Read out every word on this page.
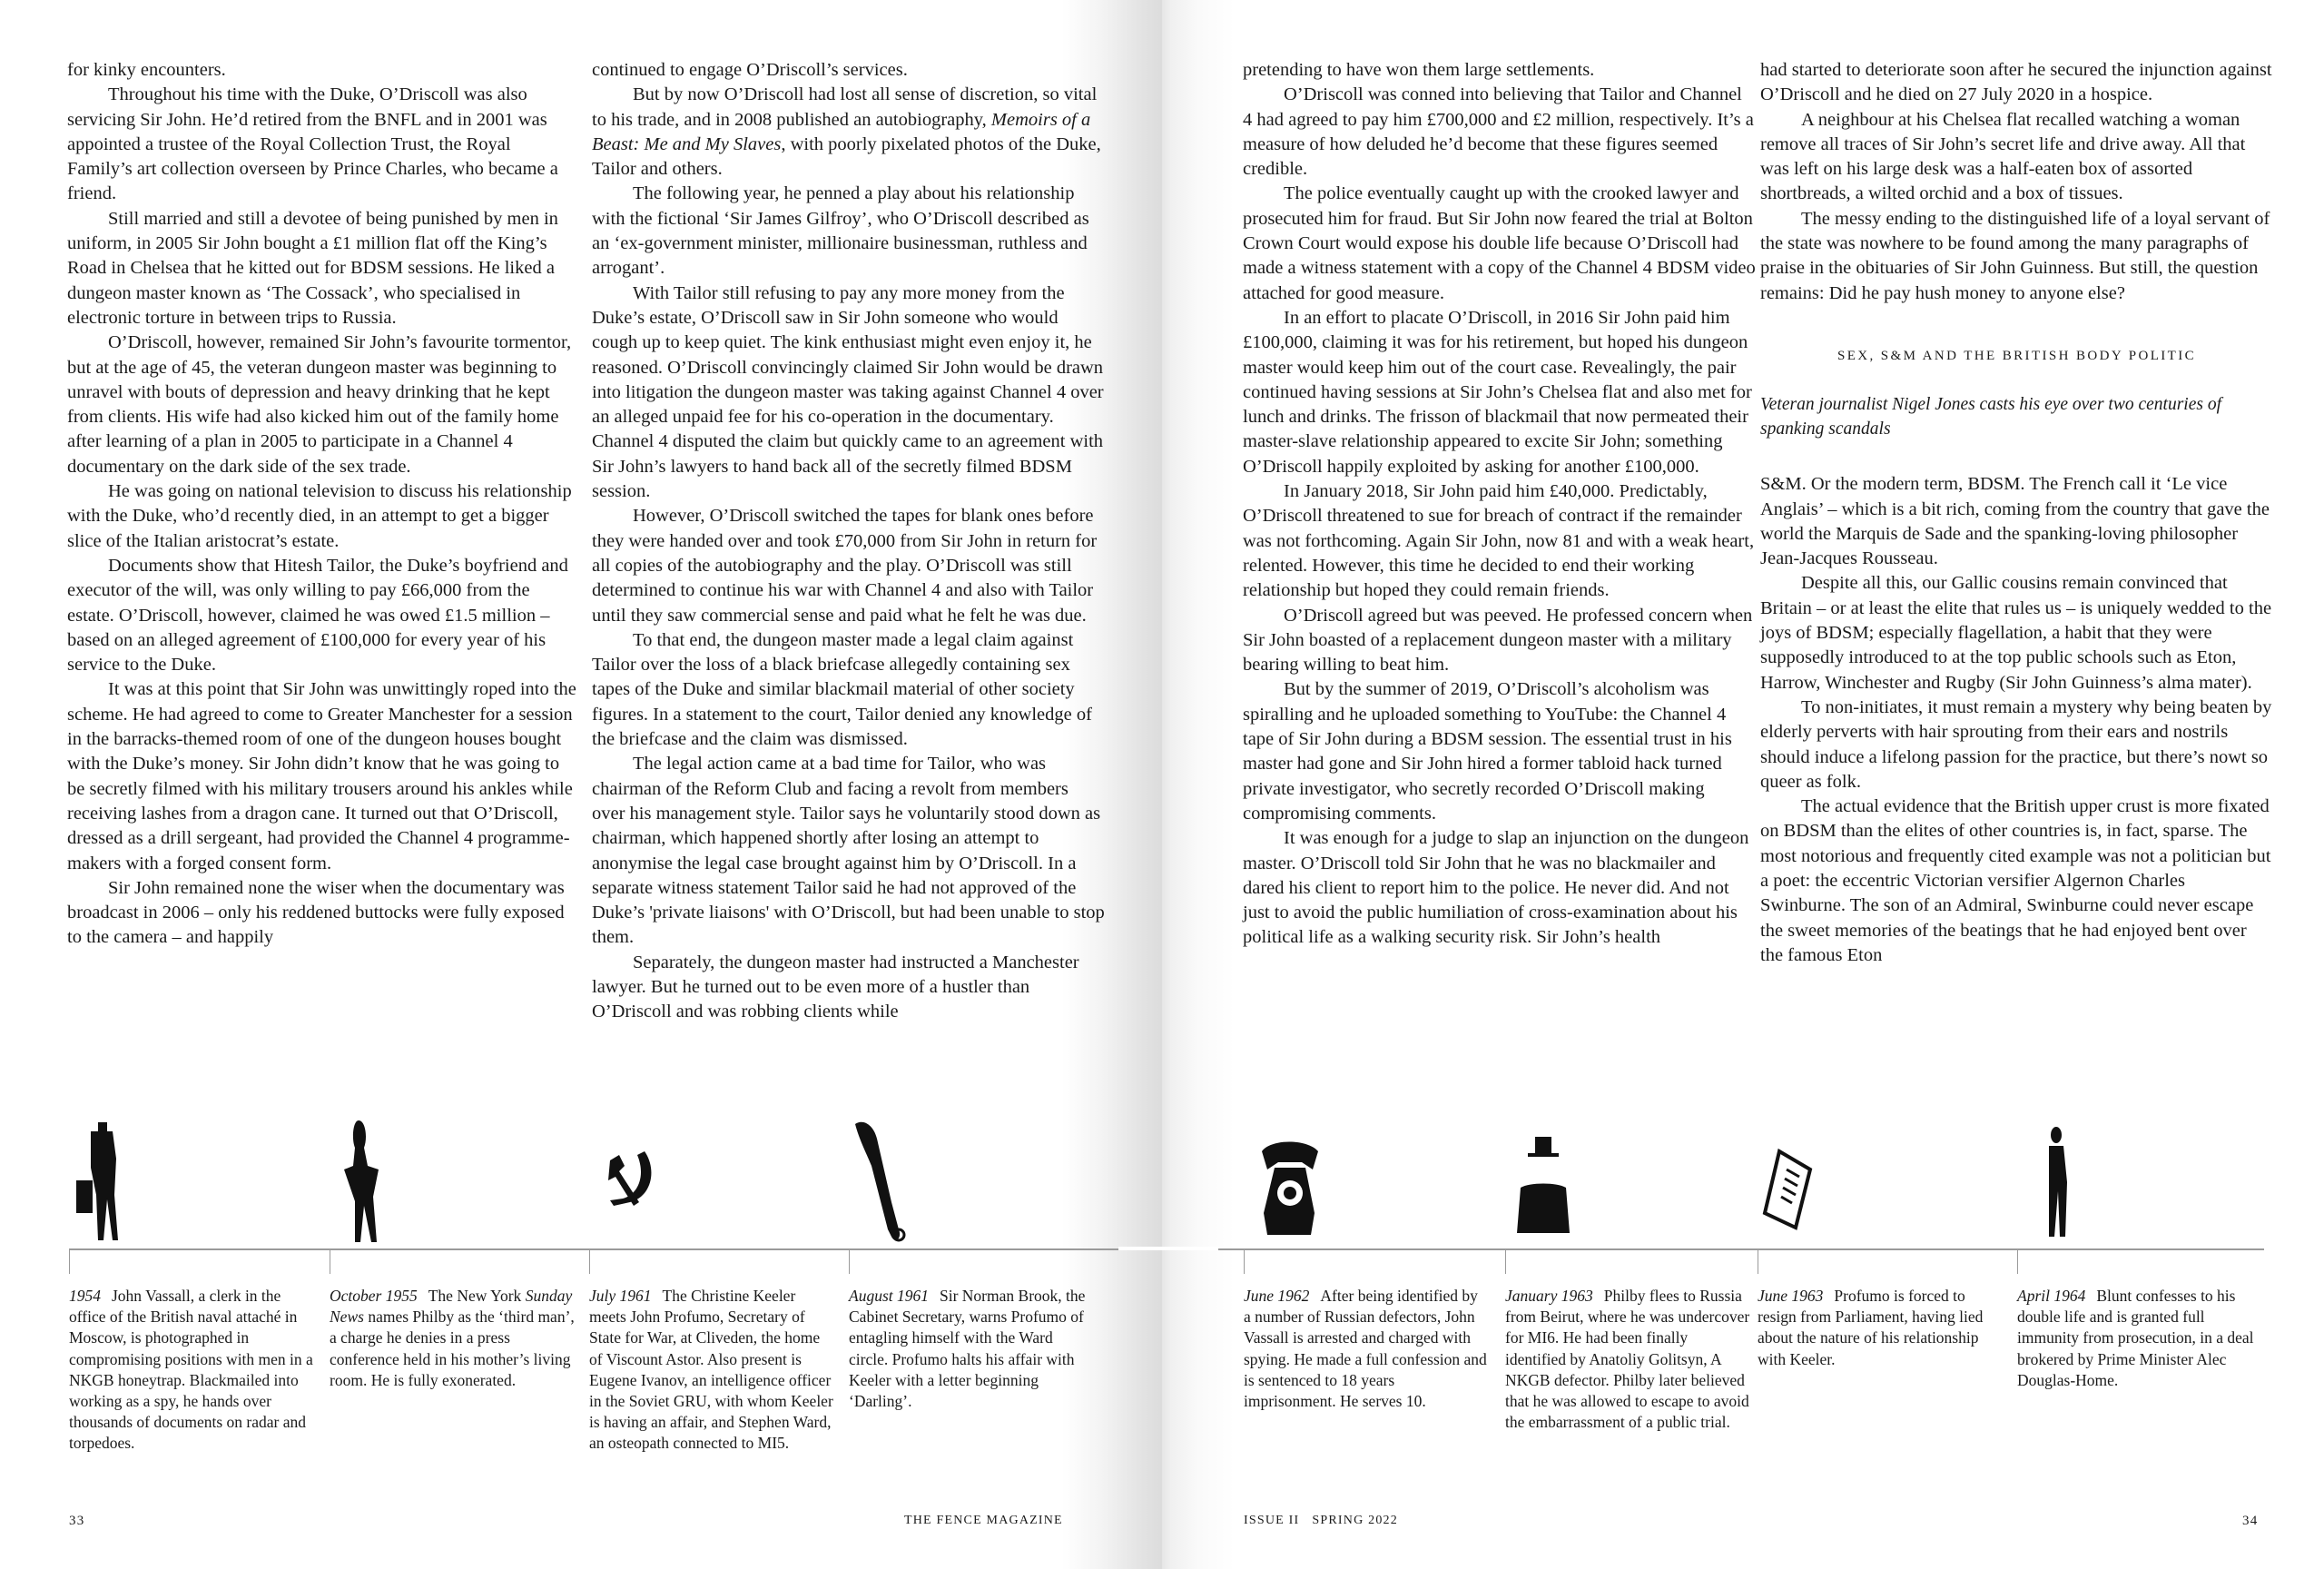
for kinky encounters.

Throughout his time with the Duke, O’Driscoll was also servicing Sir John. He’d retired from the BNFL and in 2001 was appointed a trustee of the Royal Collection Trust, the Royal Family’s art collection overseen by Prince Charles, who became a friend.

Still married and still a devotee of being punished by men in uniform, in 2005 Sir John bought a £1 million flat off the King’s Road in Chelsea that he kitted out for BDSM sessions. He liked a dungeon master known as ‘The Cossack’, who specialised in electronic torture in between trips to Russia.

O’Driscoll, however, remained Sir John’s favourite tormentor, but at the age of 45, the veteran dungeon master was beginning to unravel with bouts of depression and heavy drinking that he kept from clients. His wife had also kicked him out of the family home after learning of a plan in 2005 to participate in a Channel 4 documentary on the dark side of the sex trade.

He was going on national television to discuss his relationship with the Duke, who’d recently died, in an attempt to get a bigger slice of the Italian aristocrat’s estate.

Documents show that Hitesh Tailor, the Duke’s boyfriend and executor of the will, was only willing to pay £66,000 from the estate. O’Driscoll, however, claimed he was owed £1.5 million – based on an alleged agreement of £100,000 for every year of his service to the Duke.

It was at this point that Sir John was unwittingly roped into the scheme. He had agreed to come to Greater Manchester for a session in the barracks-themed room of one of the dungeon houses bought with the Duke’s money. Sir John didn’t know that he was going to be secretly filmed with his military trousers around his ankles while receiving lashes from a dragon cane. It turned out that O’Driscoll, dressed as a drill sergeant, had provided the Channel 4 programme-makers with a forged consent form.

Sir John remained none the wiser when the documentary was broadcast in 2006 – only his reddened buttocks were fully exposed to the camera – and happily

continued to engage O’Driscoll’s services.

But by now O’Driscoll had lost all sense of discretion, so vital to his trade, and in 2008 published an autobiography, Memoirs of a Beast: Me and My Slaves, with poorly pixelated photos of the Duke, Tailor and others.

The following year, he penned a play about his relationship with the fictional ‘Sir James Gilfroy’, who O’Driscoll described as an ‘ex-government minister, millionaire businessman, ruthless and arrogant’.

With Tailor still refusing to pay any more money from the Duke’s estate, O’Driscoll saw in Sir John someone who would cough up to keep quiet. The kink enthusiast might even enjoy it, he reasoned. O’Driscoll convincingly claimed Sir John would be drawn into litigation the dungeon master was taking against Channel 4 over an alleged unpaid fee for his co-operation in the documentary. Channel 4 disputed the claim but quickly came to an agreement with Sir John’s lawyers to hand back all of the secretly filmed BDSM session.

However, O’Driscoll switched the tapes for blank ones before they were handed over and took £70,000 from Sir John in return for all copies of the autobiography and the play. O’Driscoll was still determined to continue his war with Channel 4 and also with Tailor until they saw commercial sense and paid what he felt he was due.

To that end, the dungeon master made a legal claim against Tailor over the loss of a black briefcase allegedly containing sex tapes of the Duke and similar blackmail material of other society figures. In a statement to the court, Tailor denied any knowledge of the briefcase and the claim was dismissed.

The legal action came at a bad time for Tailor, who was chairman of the Reform Club and facing a revolt from members over his management style. Tailor says he voluntarily stood down as chairman, which happened shortly after losing an attempt to anonymise the legal case brought against him by O’Driscoll. In a separate witness statement Tailor said he had not approved of the Duke’s 'private liaisons' with O’Driscoll, but had been unable to stop them.

Separately, the dungeon master had instructed a Manchester lawyer. But he turned out to be even more of a hustler than O’Driscoll and was robbing clients while

pretending to have won them large settlements.

O’Driscoll was conned into believing that Tailor and Channel 4 had agreed to pay him £700,000 and £2 million, respectively. It’s a measure of how deluded he’d become that these figures seemed credible.

The police eventually caught up with the crooked lawyer and prosecuted him for fraud. But Sir John now feared the trial at Bolton Crown Court would expose his double life because O’Driscoll had made a witness statement with a copy of the Channel 4 BDSM video attached for good measure.

In an effort to placate O’Driscoll, in 2016 Sir John paid him £100,000, claiming it was for his retirement, but hoped his dungeon master would keep him out of the court case. Revealingly, the pair continued having sessions at Sir John’s Chelsea flat and also met for lunch and drinks. The frisson of blackmail that now permeated their master-slave relationship appeared to excite Sir John; something O’Driscoll happily exploited by asking for another £100,000.

In January 2018, Sir John paid him £40,000. Predictably, O’Driscoll threatened to sue for breach of contract if the remainder was not forthcoming. Again Sir John, now 81 and with a weak heart, relented. However, this time he decided to end their working relationship but hoped they could remain friends.

O’Driscoll agreed but was peeved. He professed concern when Sir John boasted of a replacement dungeon master with a military bearing willing to beat him.

But by the summer of 2019, O’Driscoll’s alcoholism was spiralling and he uploaded something to YouTube: the Channel 4 tape of Sir John during a BDSM session. The essential trust in his master had gone and Sir John hired a former tabloid hack turned private investigator, who secretly recorded O’Driscoll making compromising comments.

It was enough for a judge to slap an injunction on the dungeon master. O’Driscoll told Sir John that he was no blackmailer and dared his client to report him to the police. He never did. And not just to avoid the public humiliation of cross-examination about his political life as a walking security risk. Sir John’s health

had started to deteriorate soon after he secured the injunction against O’Driscoll and he died on 27 July 2020 in a hospice.

A neighbour at his Chelsea flat recalled watching a woman remove all traces of Sir John’s secret life and drive away. All that was left on his large desk was a half-eaten box of assorted shortbreads, a wilted orchid and a box of tissues.

The messy ending to the distinguished life of a loyal servant of the state was nowhere to be found among the many paragraphs of praise in the obituaries of Sir John Guinness. But still, the question remains: Did he pay hush money to anyone else?

SEX, S&M AND THE BRITISH BODY POLITIC

Veteran journalist Nigel Jones casts his eye over two centuries of spanking scandals

S&M. Or the modern term, BDSM. The French call it ‘Le vice Anglais’ – which is a bit rich, coming from the country that gave the world the Marquis de Sade and the spanking-loving philosopher Jean-Jacques Rousseau.

Despite all this, our Gallic cousins remain convinced that Britain – or at least the elite that rules us – is uniquely wedded to the joys of BDSM; especially flagellation, a habit that they were supposedly introduced to at the top public schools such as Eton, Harrow, Winchester and Rugby (Sir John Guinness’s alma mater).

To non-initiates, it must remain a mystery why being beaten by elderly perverts with hair sprouting from their ears and nostrils should induce a lifelong passion for the practice, but there’s nowt so queer as folk.

The actual evidence that the British upper crust is more fixated on BDSM than the elites of other countries is, in fact, sparse. The most notorious and frequently cited example was not a politician but a poet: the eccentric Victorian versifier Algernon Charles Swinburne. The son of an Admiral, Swinburne could never escape the sweet memories of the beatings that he had enjoyed bent over the famous Eton

1954 John Vassall, a clerk in the office of the British naval attaché in Moscow, is photographed in compromising positions with men in a NKGB honeytrap. Blackmailed into working as a spy, he hands over thousands of documents on radar and torpedoes.
October 1955 The New York Sunday News names Philby as the ‘third man’, a charge he denies in a press conference held in his mother’s living room. He is fully exonerated.
July 1961 The Christine Keeler meets John Profumo, Secretary of State for War, at Cliveden, the home of Viscount Astor. Also present is Eugene Ivanov, an intelligence officer in the Soviet GRU, with whom Keeler is having an affair, and Stephen Ward, an osteopath connected to MI5.
August 1961 Sir Norman Brook, the Cabinet Secretary, warns Profumo of entagling himself with the Ward circle. Profumo halts his affair with Keeler with a letter beginning ‘Darling’.
June 1962 After being identified by a number of Russian defectors, John Vassall is arrested and charged with spying. He made a full confession and is sentenced to 18 years imprisonment. He serves 10.
January 1963 Philby flees to Russia from Beirut, where he was undercover for MI6. He had been finally identified by Anatoliy Golitsyn, A NKGB defector. Philby later believed that he was allowed to escape to avoid the embarrassment of a public trial.
June 1963 Profumo is forced to resign from Parliament, having lied about the nature of his relationship with Keeler.
April 1964 Blunt confesses to his double life and is granted full immunity from prosecution, in a deal brokered by Prime Minister Alec Douglas-Home.
33	THE FENCE MAGAZINE	ISSUE II   SPRING 2022	34
